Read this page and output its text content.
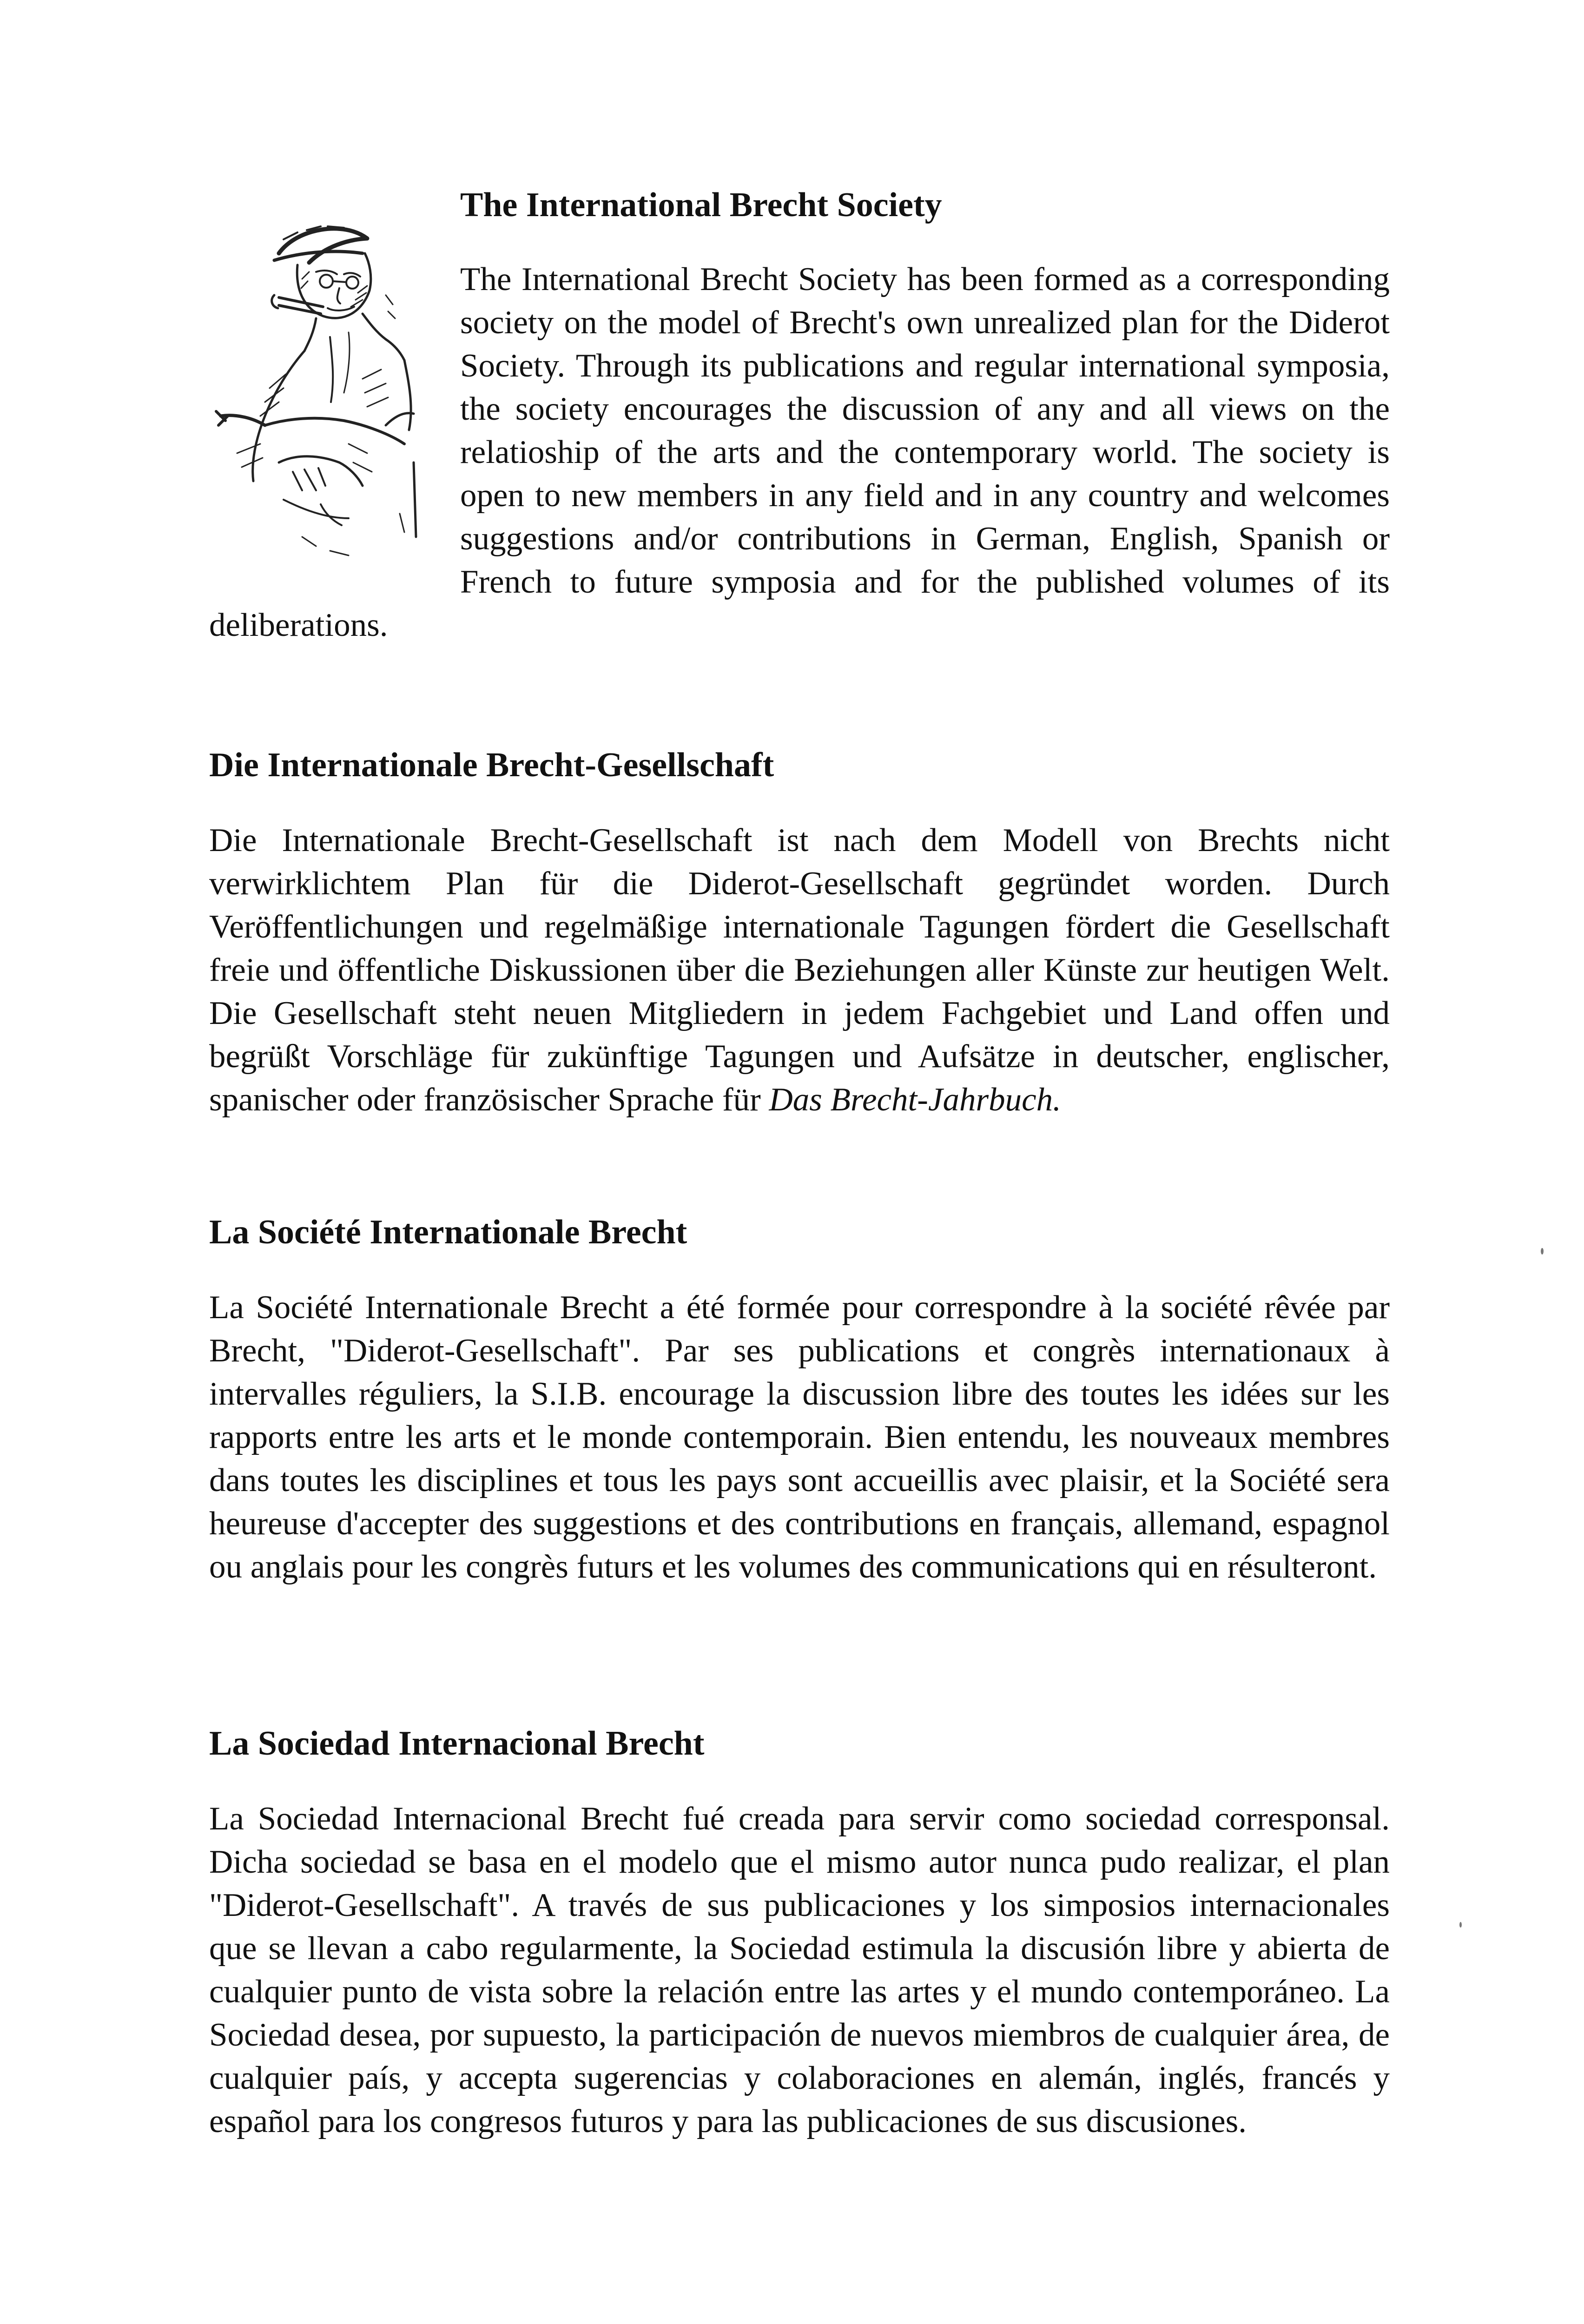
The International Brecht Society

The International Brecht Society has been formed as a corresponding society on the model of Brecht's own unrealized plan for the Diderot Society. Through its publications and regular international symposia, the society encourages the discussion of any and all views on the relatioship of the arts and the contemporary world. The society is open to new members in any field and in any country and welcomes suggestions and/or contributions in German, English, Spanish or French to future symposia and for the published volumes of its deliberations.

Die Internationale Brecht-Gesellschaft

Die Internationale Brecht-Gesellschaft ist nach dem Modell von Brechts nicht verwirklichtem Plan für die Diderot-Gesellschaft gegründet worden. Durch Veröffentlichungen und regelmäßige internationale Tagungen fördert die Gesellschaft freie und öffentliche Diskussionen über die Beziehungen aller Künste zur heutigen Welt. Die Gesellschaft steht neuen Mitgliedern in jedem Fachgebiet und Land offen und begrüßt Vorschläge für zukünftige Tagungen und Aufsätze in deutscher, englischer, spanischer oder französischer Sprache für Das Brecht-Jahrbuch.

La Société Internationale Brecht

La Société Internationale Brecht a été formée pour correspondre à la société rêvée par Brecht, "Diderot-Gesellschaft". Par ses publications et congrès internationaux à intervalles réguliers, la S.I.B. encourage la discussion libre des toutes les idées sur les rapports entre les arts et le monde contemporain. Bien entendu, les nouveaux membres dans toutes les disciplines et tous les pays sont accueillis avec plaisir, et la Société sera heureuse d'accepter des suggestions et des contributions en français, allemand, espagnol ou anglais pour les congrès futurs et les volumes des communications qui en résulteront.

La Sociedad Internacional Brecht

La Sociedad Internacional Brecht fué creada para servir como sociedad corresponsal. Dicha sociedad se basa en el modelo que el mismo autor nunca pudo realizar, el plan "Diderot-Gesellschaft". A través de sus publicaciones y los simposios internacionales que se llevan a cabo regularmente, la Sociedad estimula la discusión libre y abierta de cualquier punto de vista sobre la relación entre las artes y el mundo contemporáneo. La Sociedad desea, por supuesto, la participación de nuevos miembros de cualquier área, de cualquier país, y accepta sugerencias y colaboraciones en alemán, inglés, francés y español para los congresos futuros y para las publicaciones de sus discusiones.
